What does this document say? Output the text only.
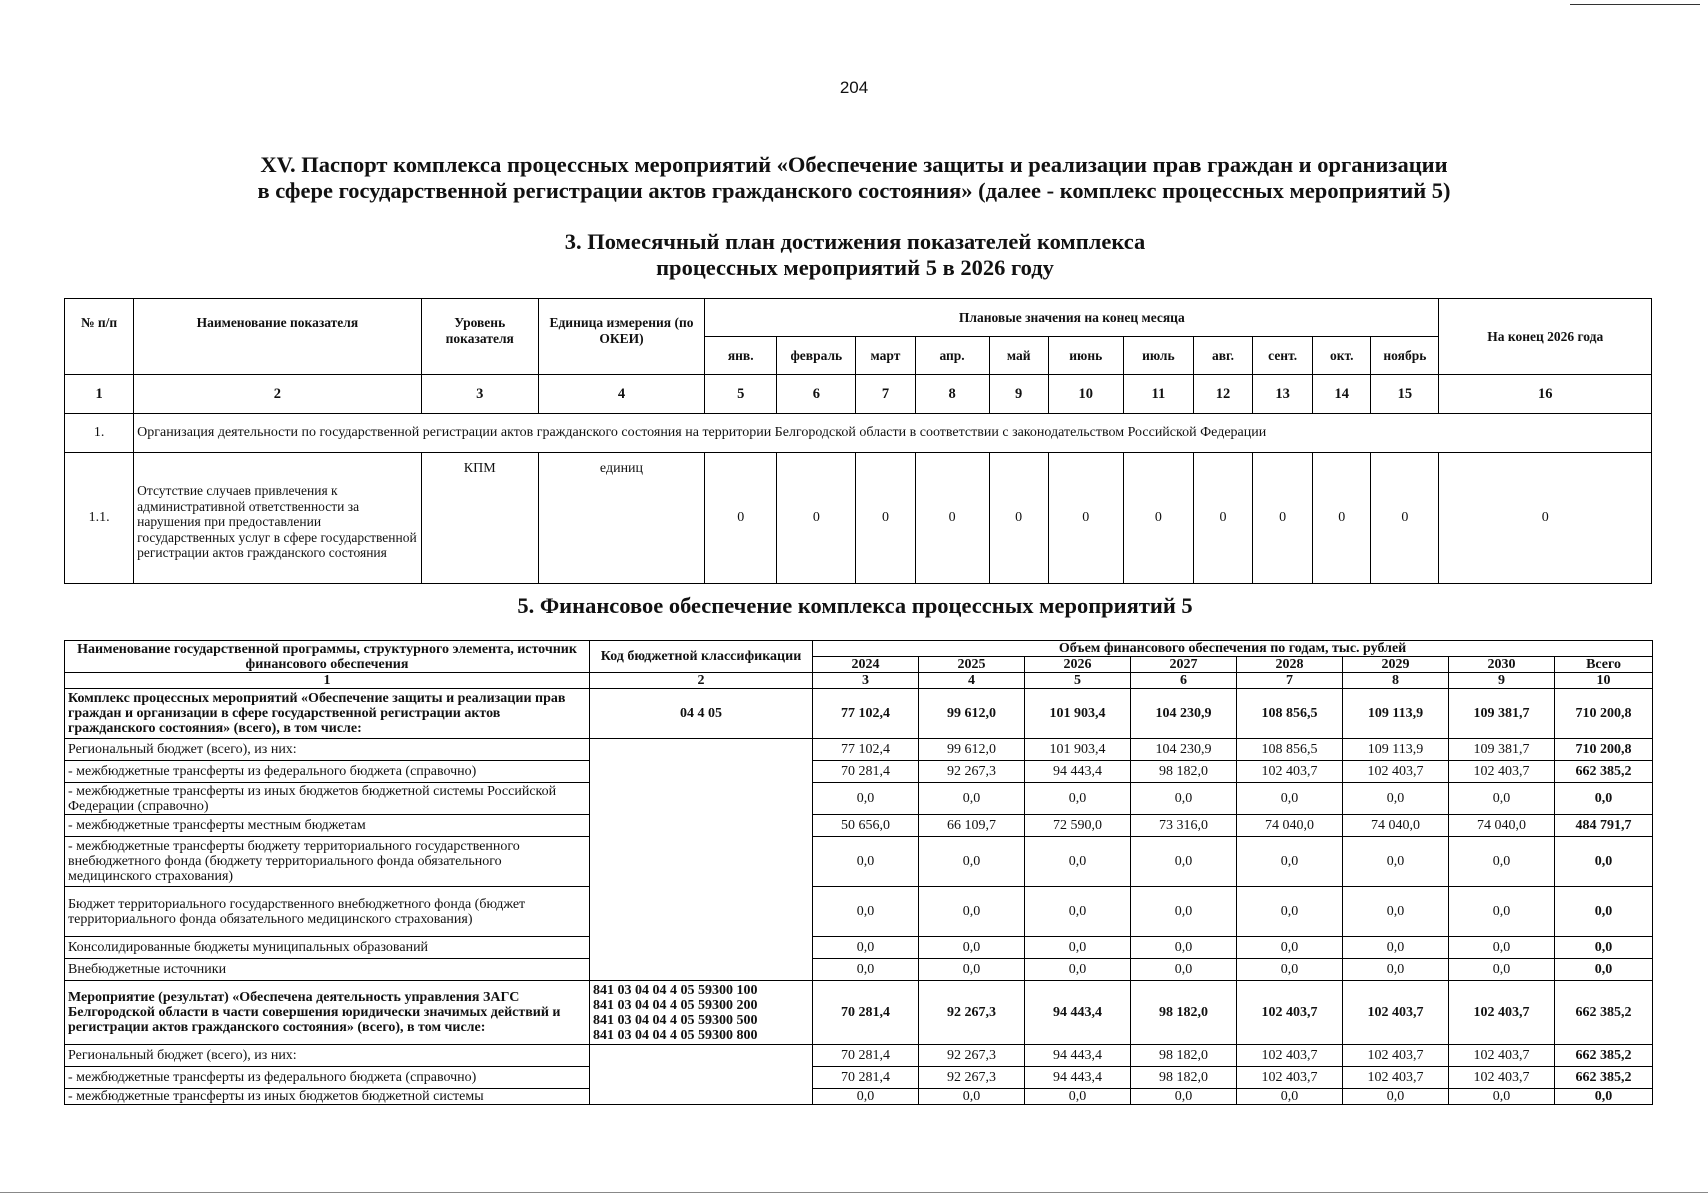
204
XV. Паспорт комплекса процессных мероприятий «Обеспечение защиты и реализации прав граждан и организации
в сфере государственной регистрации актов гражданского состояния» (далее - комплекс процессных мероприятий 5)
3. Помесячный план достижения показателей комплекса
процессных мероприятий 5 в 2026 году
№ п/п	Наименование показателя	Уровень показателя	Единица измерения (по ОКЕИ)	Плановые значения на конец месяца											На конец 2026 года
				янв.	февраль	март	апр.	май	июнь	июль	авг.	сент.	окт.	ноябрь	
1	2	3	4	5	6	7	8	9	10	11	12	13	14	15	16
1.	Организация деятельности по государственной регистрации актов гражданского состояния на территории Белгородской области в соответствии с законодательством Российской Федерации														
1.1.	Отсутствие случаев привлечения к административной ответственности за нарушения при предоставлении государственных услуг в сфере государственной регистрации актов гражданского состояния	КПМ	единиц	0	0	0	0	0	0	0	0	0	0	0	0
5. Финансовое обеспечение комплекса процессных мероприятий 5
Наименование государственной программы, структурного элемента, источник финансового обеспечения	Код бюджетной классификации	Объем финансового обеспечения по годам, тыс. рублей							
		2024	2025	2026	2027	2028	2029	2030	Всего
1	2	3	4	5	6	7	8	9	10
Комплекс процессных мероприятий «Обеспечение защиты и реализации прав граждан и организации в сфере государственной регистрации актов гражданского состояния» (всего), в том числе:	04 4 05	77 102,4	99 612,0	101 903,4	104 230,9	108 856,5	109 113,9	109 381,7	710 200,8
Региональный бюджет (всего), из них:		77 102,4	99 612,0	101 903,4	104 230,9	108 856,5	109 113,9	109 381,7	710 200,8
- межбюджетные трансферты из федерального бюджета (справочно)		70 281,4	92 267,3	94 443,4	98 182,0	102 403,7	102 403,7	102 403,7	662 385,2
- межбюджетные трансферты из иных бюджетов бюджетной системы Российской Федерации (справочно)		0,0	0,0	0,0	0,0	0,0	0,0	0,0	0,0
- межбюджетные трансферты местным бюджетам		50 656,0	66 109,7	72 590,0	73 316,0	74 040,0	74 040,0	74 040,0	484 791,7
- межбюджетные трансферты бюджету территориального государственного внебюджетного фонда (бюджету территориального фонда обязательного медицинского страхования)		0,0	0,0	0,0	0,0	0,0	0,0	0,0	0,0
Бюджет территориального государственного внебюджетного фонда (бюджет территориального фонда обязательного медицинского страхования)		0,0	0,0	0,0	0,0	0,0	0,0	0,0	0,0
Консолидированные бюджеты муниципальных образований		0,0	0,0	0,0	0,0	0,0	0,0	0,0	0,0
Внебюджетные источники		0,0	0,0	0,0	0,0	0,0	0,0	0,0	0,0
Мероприятие (результат) «Обеспечена деятельность управления ЗАГС Белгородской области в части совершения юридически значимых действий и регистрации актов гражданского состояния» (всего), в том числе:	841 03 04 04 4 05 59300 100
841 03 04 04 4 05 59300 200
841 03 04 04 4 05 59300 500
841 03 04 04 4 05 59300 800	70 281,4	92 267,3	94 443,4	98 182,0	102 403,7	102 403,7	102 403,7	662 385,2
Региональный бюджет (всего), из них:		70 281,4	92 267,3	94 443,4	98 182,0	102 403,7	102 403,7	102 403,7	662 385,2
- межбюджетные трансферты из федерального бюджета (справочно)		70 281,4	92 267,3	94 443,4	98 182,0	102 403,7	102 403,7	102 403,7	662 385,2
- межбюджетные трансферты из иных бюджетов бюджетной системы		0,0	0,0	0,0	0,0	0,0	0,0	0,0	0,0
